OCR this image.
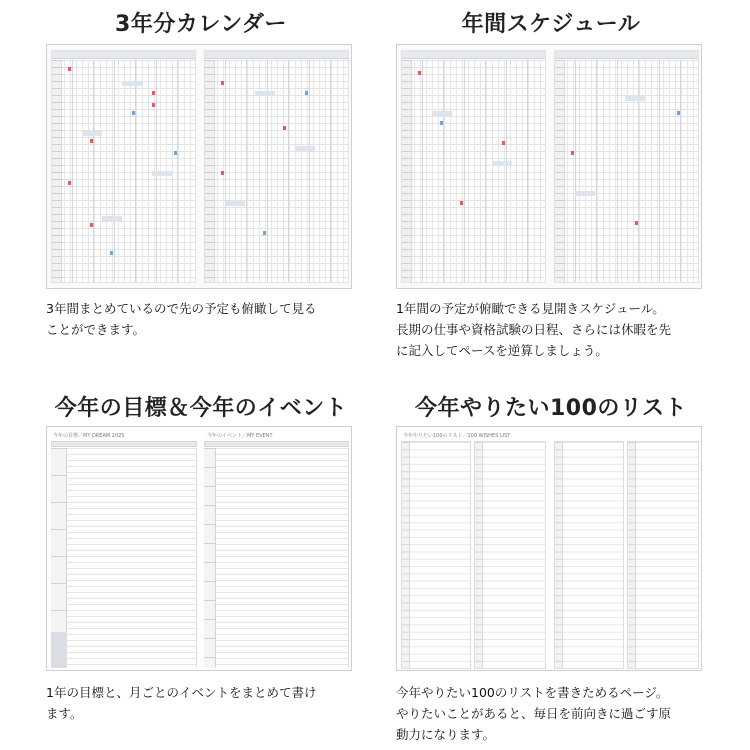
3年分カレンダー

3年間まとめているので先の予定も俯瞰して見る
ことができます。

年間スケジュール

1年間の予定が俯瞰できる見開きスケジュール。
長期の仕事や資格試験の日程、さらには休暇を先
に記入してペースを逆算しましょう。

今年の目標＆今年のイベント
今年の目標／MY DREAM 2025	今年のイベント／MY EVENT

1年の目標と、月ごとのイベントをまとめて書け
ます。

今年やりたい100のリスト
今年やりたい100のリスト／100 WISHES LIST

今年やりたい100のリストを書きためるページ。
やりたいことがあると、毎日を前向きに過ごす原
動力になります。
